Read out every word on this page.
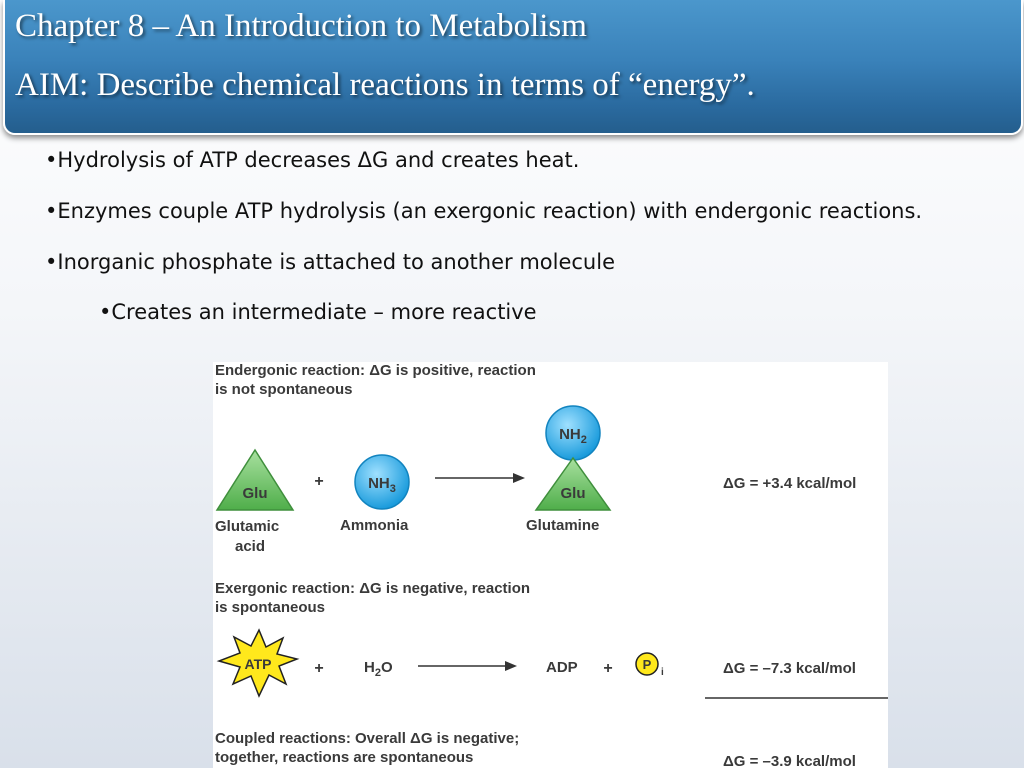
Chapter 8 – An Introduction to Metabolism
AIM: Describe chemical reactions in terms of “energy”.
•Hydrolysis of ATP decreases ΔG and creates heat.
•Enzymes couple ATP hydrolysis (an exergonic reaction) with endergonic reactions.
•Inorganic phosphate is attached to another molecule
•Creates an intermediate – more reactive
Endergonic reaction: ΔG is positive, reaction
is not spontaneous
Glu
Glutamic
acid
+	$NH_3$
Ammonia
$NH_2$
Glu
Glutamine
ΔG = +3.4 kcal/mol
Exergonic reaction: ΔG is negative, reaction
is spontaneous
ATP	+	$H_2O$	ADP + P
i	ΔG = –7.3 kcal/mol
Coupled reactions: Overall ΔG is negative;
together, reactions are spontaneous	ΔG = –3.9 kcal/mol
